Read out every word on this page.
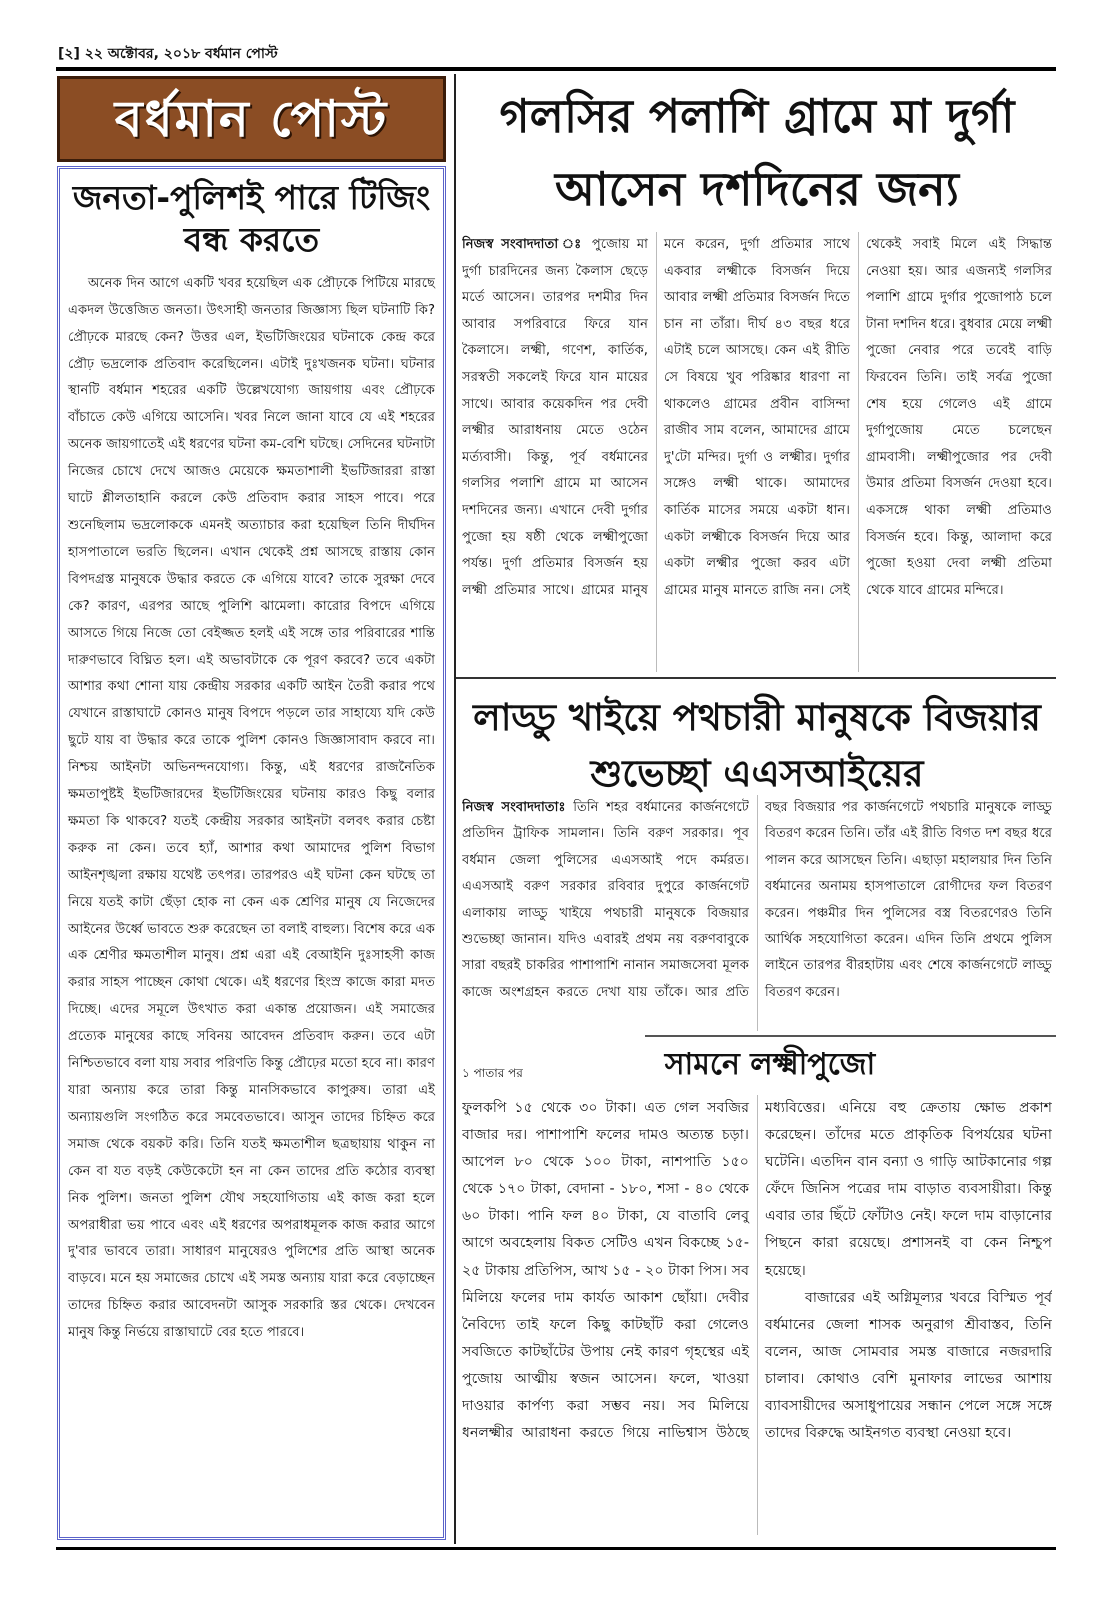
[২] ২২ অক্টোবর, ২০১৮ বর্ধমান পোস্ট
বর্ধমান পোস্ট
জনতা-পুলিশই পারে টিজিং বন্ধ করতে

অনেক দিন আগে একটি খবর হয়েছিল এক প্রৌঢ়কে পিটিয়ে মারছে একদল উত্তেজিত জনতা। উৎসাহী জনতার জিজ্ঞাস্য ছিল ঘটনাটি কি? প্রৌঢ়কে মারছে কেন? উত্তর এল, ইভটিজিংয়ের ঘটনাকে কেন্দ্র করে প্রৌঢ় ভদ্রলোক প্রতিবাদ করেছিলেন। এটাই দুঃখজনক ঘটনা। ঘটনার স্থানটি বর্ধমান শহরের একটি উল্লেখযোগ্য জায়গায় এবং প্রৌঢ়কে বাঁচাতে কেউ এগিয়ে আসেনি। খবর নিলে জানা যাবে যে এই শহরের অনেক জায়গাতেই এই ধরণের ঘটনা কম-বেশি ঘটছে। সেদিনের ঘটনাটা নিজের চোখে দেখে আজও মেয়েকে ক্ষমতাশালী ইভটিজাররা রাস্তা ঘাটে শ্লীলতাহানি করলে কেউ প্রতিবাদ করার সাহস পাবে। পরে শুনেছিলাম ভদ্রলোককে এমনই অত্যাচার করা হয়েছিল তিনি দীর্ঘদিন হাসপাতালে ভরতি ছিলেন। এখান থেকেই প্রশ্ন আসছে রাস্তায় কোন বিপদগ্রস্ত মানুষকে উদ্ধার করতে কে এগিয়ে যাবে? তাকে সুরক্ষা দেবে কে? কারণ, এরপর আছে পুলিশি ঝামেলা। কারোর বিপদে এগিয়ে আসতে গিয়ে নিজে তো বেইজ্জত হলই এই সঙ্গে তার পরিবারের শান্তি দারুণভাবে বিঘ্নিত হল। এই অভাবটাকে কে পূরণ করবে? তবে একটা আশার কথা শোনা যায় কেন্দ্রীয় সরকার একটি আইন তৈরী করার পথে যেখানে রাস্তাঘাটে কোনও মানুষ বিপদে পড়লে তার সাহায্যে যদি কেউ ছুটে যায় বা উদ্ধার করে তাকে পুলিশ কোনও জিজ্ঞাসাবাদ করবে না। নিশ্চয় আইনটা অভিনন্দনযোগ্য। কিন্তু, এই ধরণের রাজনৈতিক ক্ষমতাপুষ্টই ইভটিজারদের ইভটিজিংয়ের ঘটনায় কারও কিছু বলার ক্ষমতা কি থাকবে? যতই কেন্দ্রীয় সরকার আইনটা বলবৎ করার চেষ্টা করুক না কেন। তবে হ্যাঁ, আশার কথা আমাদের পুলিশ বিভাগ আইনশৃঙ্খলা রক্ষায় যথেষ্ট তৎপর। তারপরও এই ঘটনা কেন ঘটছে তা নিয়ে যতই কাটা ছেঁড়া হোক না কেন এক শ্রেণির মানুষ যে নিজেদের আইনের উর্ধ্বে ভাবতে শুরু করেছেন তা বলাই বাহুল্য। বিশেষ করে এক এক শ্রেণীর ক্ষমতাশীল মানুষ। প্রশ্ন এরা এই বেআইনি দুঃসাহসী কাজ করার সাহস পাচ্ছেন কোথা থেকে। এই ধরণের হিংস্র কাজে কারা মদত দিচ্ছে। এদের সমূলে উৎখাত করা একান্ত প্রয়োজন। এই সমাজের প্রত্যেক মানুষের কাছে সবিনয় আবেদন প্রতিবাদ করুন। তবে এটা নিশ্চিতভাবে বলা যায় সবার পরিণতি কিন্তু প্রৌঢ়ের মতো হবে না। কারণ যারা অন্যায় করে তারা কিন্তু মানসিকভাবে কাপুরুষ। তারা এই অন্যায়গুলি সংগঠিত করে সমবেতভাবে। আসুন তাদের চিহ্নিত করে সমাজ থেকে বয়কট করি। তিনি যতই ক্ষমতাশীল ছত্রছায়ায় থাকুন না কেন বা যত বড়ই কেউকেটো হন না কেন তাদের প্রতি কঠোর ব্যবস্থা নিক পুলিশ। জনতা পুলিশ যৌথ সহযোগিতায় এই কাজ করা হলে অপরাধীরা ভয় পাবে এবং এই ধরণের অপরাধমূলক কাজ করার আগে দু'বার ভাববে তারা। সাধারণ মানুষেরও পুলিশের প্রতি আস্থা অনেক বাড়বে। মনে হয় সমাজের চোখে এই সমস্ত অন্যায় যারা করে বেড়াচ্ছেন তাদের চিহ্নিত করার আবেদনটা আসুক সরকারি স্তর থেকে। দেখবেন মানুষ কিন্তু নির্ভয়ে রাস্তাঘাটে বের হতে পারবে।

গলসির পলাশি গ্রামে মা দুর্গা আসেন দশদিনের জন্য

নিজস্ব সংবাদদাতা ঃ পুজোয় মা দুর্গা চারদিনের জন্য কৈলাস ছেড়ে মর্তে আসেন। তারপর দশমীর দিন আবার সপরিবারে ফিরে যান কৈলাসে। লক্ষ্মী, গণেশ, কার্তিক, সরস্বতী সকলেই ফিরে যান মায়ের সাথে। আবার কয়েকদিন পর দেবী লক্ষ্মীর আরাধনায় মেতে ওঠেন মর্ত্যবাসী। কিন্তু, পূর্ব বর্ধমানের গলসির পলাশি গ্রামে মা আসেন দশদিনের জন্য। এখানে দেবী দুর্গার পুজো হয় ষষ্ঠী থেকে লক্ষ্মীপুজো পর্যন্ত। দুর্গা প্রতিমার বিসর্জন হয় লক্ষ্মী প্রতিমার সাথে। গ্রামের মানুষ মনে করেন, দুর্গা প্রতিমার সাথে একবার লক্ষ্মীকে বিসর্জন দিয়ে আবার লক্ষ্মী প্রতিমার বিসর্জন দিতে চান না তাঁরা। দীর্ঘ ৪৩ বছর ধরে এটাই চলে আসছে। কেন এই রীতি সে বিষয়ে খুব পরিষ্কার ধারণা না থাকলেও গ্রামের প্রবীন বাসিন্দা রাজীব সাম বলেন, আমাদের গ্রামে দু'টো মন্দির। দুর্গা ও লক্ষ্মীর। দুর্গার সঙ্গেও লক্ষ্মী থাকে। আমাদের কার্তিক মাসের সময়ে একটা ধান। একটা লক্ষ্মীকে বিসর্জন দিয়ে আর একটা লক্ষ্মীর পুজো করব এটা গ্রামের মানুষ মানতে রাজি নন। সেই থেকেই সবাই মিলে এই সিদ্ধান্ত নেওয়া হয়। আর এজন্যই গলসির পলাশি গ্রামে দুর্গার পুজোপাঠ চলে টানা দশদিন ধরে। বুধবার মেয়ে লক্ষ্মী পুজো নেবার পরে তবেই বাড়ি ফিরবেন তিনি। তাই সর্বত্র পুজো শেষ হয়ে গেলেও এই গ্রামে দুর্গাপুজোয় মেতে চলেছেন গ্রামবাসী। লক্ষ্মীপুজোর পর দেবী উমার প্রতিমা বিসর্জন দেওয়া হবে। একসঙ্গে থাকা লক্ষ্মী প্রতিমাও বিসর্জন হবে। কিন্তু, আলাদা করে পুজো হওয়া দেবা লক্ষ্মী প্রতিমা থেকে যাবে গ্রামের মন্দিরে।

লাড্ডু খাইয়ে পথচারী মানুষকে বিজয়ার শুভেচ্ছা এএসআইয়ের

নিজস্ব সংবাদদাতাঃ তিনি শহর বর্ধমানের কার্জনগেটে প্রতিদিন ট্রাফিক সামলান। তিনি বরুণ সরকার। পূব বর্ধমান জেলা পুলিসের এএসআই পদে কর্মরত। এএসআই বরুণ সরকার রবিবার দুপুরে কার্জনগেট এলাকায় লাড্ডু খাইয়ে পথচারী মানুষকে বিজয়ার শুভেচ্ছা জানান। যদিও এবারই প্রথম নয় বরুণবাবুকে সারা বছরই চাকরির পাশাপাশি নানান সমাজসেবা মূলক কাজে অংশগ্রহন করতে দেখা যায় তাঁকে। আর প্রতি বছর বিজয়ার পর কার্জনগেটে পথচারি মানুষকে লাড্ডু বিতরণ করেন তিনি। তাঁর এই রীতি বিগত দশ বছর ধরে পালন করে আসছেন তিনি। এছাড়া মহালয়ার দিন তিনি বর্ধমানের অনাময় হাসপাতালে রোগীদের ফল বিতরণ করেন। পঞ্চমীর দিন পুলিসের বস্ত্র বিতরণেরও তিনি আর্থিক সহযোগিতা করেন। এদিন তিনি প্রথমে পুলিস লাইনে তারপর বীরহাটায় এবং শেষে কার্জনগেটে লাড্ডু বিতরণ করেন।

১ পাতার পর	সামনে লক্ষ্মীপুজো

ফুলকপি ১৫ থেকে ৩০ টাকা। এত গেল সবজির বাজার দর। পাশাপাশি ফলের দামও অত্যন্ত চড়া। আপেল ৮০ থেকে ১০০ টাকা, নাশপাতি ১৫০ থেকে ১৭০ টাকা, বেদানা - ১৮০, শসা - ৪০ থেকে ৬০ টাকা। পানি ফল ৪০ টাকা, যে বাতাবি লেবু আগে অবহেলায় বিকত সেটিও এখন বিকচ্ছে ১৫- ২৫ টাকায় প্রতিপিস, আখ ১৫ - ২০ টাকা পিস। সব মিলিয়ে ফলের দাম কার্যত আকাশ ছোঁয়া। দেবীর নৈবিদ্যে তাই ফলে কিছু কাটছাঁট করা গেলেও সবজিতে কাটছাঁটের উপায় নেই কারণ গৃহস্থের এই পুজোয় আত্মীয় স্বজন আসেন। ফলে, খাওয়া দাওয়ার কার্পণ্য করা সম্ভব নয়। সব মিলিয়ে ধনলক্ষ্মীর আরাধনা করতে গিয়ে নাভিশ্বাস উঠছে মধ্যবিত্তের। এনিয়ে বহু ক্রেতায় ক্ষোভ প্রকাশ করেছেন। তাঁদের মতে প্রাকৃতিক বিপর্যয়ের ঘটনা ঘটেনি। এতদিন বান বন্যা ও গাড়ি আটকানোর গল্প ফেঁদে জিনিস পত্রের দাম বাড়াত ব্যবসায়ীরা। কিন্তু এবার তার ছিঁটে ফোঁটাও নেই। ফলে দাম বাড়ানোর পিছনে কারা রয়েছে। প্রশাসনই বা কেন নিশ্চুপ হয়েছে।

বাজারের এই অগ্নিমূল্যর খবরে বিস্মিত পূর্ব বর্ধমানের জেলা শাসক অনুরাগ শ্রীবাস্তব, তিনি বলেন, আজ সোমবার সমস্ত বাজারে নজরদারি চালাব। কোথাও বেশি মুনাফার লাভের আশায় ব্যাবসায়ীদের অসাধুপায়ের সন্ধান পেলে সঙ্গে সঙ্গে তাদের বিরুদ্ধে আইনগত ব্যবস্থা নেওয়া হবে।
